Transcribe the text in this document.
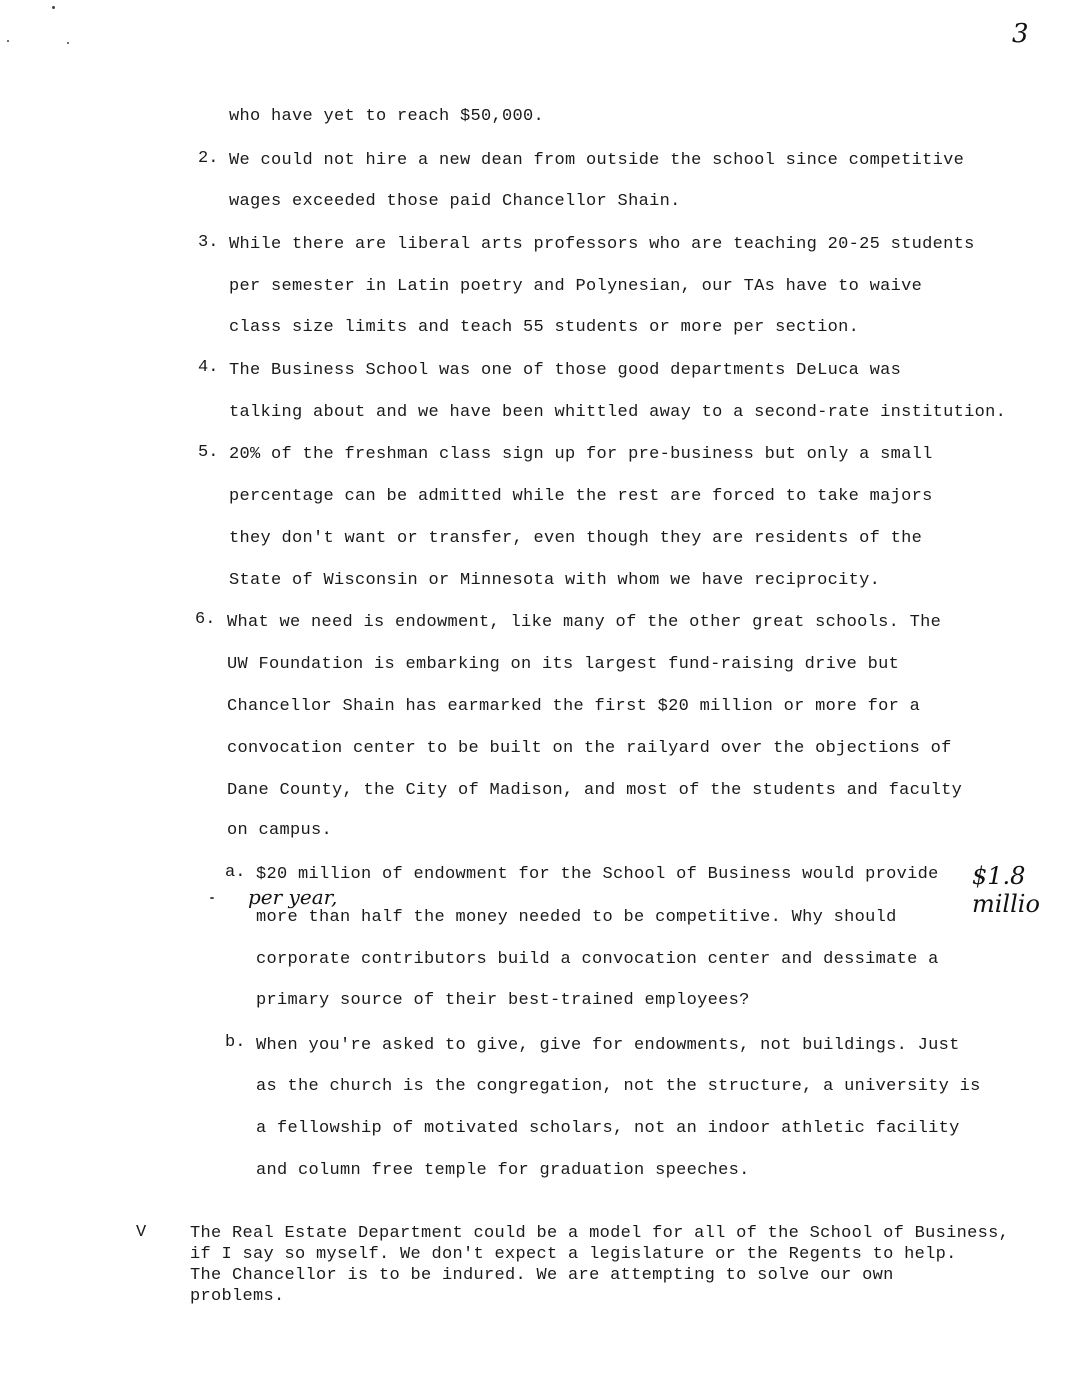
3
who have yet to reach $50,000.
2. We could not hire a new dean from outside the school since competitive
wages exceeded those paid Chancellor Shain.
3. While there are liberal arts professors who are teaching 20-25 students
per semester in Latin poetry and Polynesian, our TAs have to waive
class size limits and teach 55 students or more per section.
4. The Business School was one of those good departments DeLuca was
talking about and we have been whittled away to a second-rate institution.
5. 20% of the freshman class sign up for pre-business but only a small
percentage can be admitted while the rest are forced to take majors
they don't want or transfer, even though they are residents of the
State of Wisconsin or Minnesota with whom we have reciprocity.
6. What we need is endowment, like many of the other great schools. The
UW Foundation is embarking on its largest fund-raising drive but
Chancellor Shain has earmarked the first $20 million or more for a
convocation center to be built on the railyard over the objections of
Dane County, the City of Madison, and most of the students and faculty
on campus.
a. $20 million of endowment for the School of Business would provide $1.8 millio
per year,
more than half the money needed to be competitive. Why should
corporate contributors build a convocation center and dessimate a
primary source of their best-trained employees?
b. When you're asked to give, give for endowments, not buildings. Just
as the church is the congregation, not the structure, a university is
a fellowship of motivated scholars, not an indoor athletic facility
and column free temple for graduation speeches.
V	The Real Estate Department could be a model for all of the School of Business,
if I say so myself. We don't expect a legislature or the Regents to help.
The Chancellor is to be indured. We are attempting to solve our own
problems.
